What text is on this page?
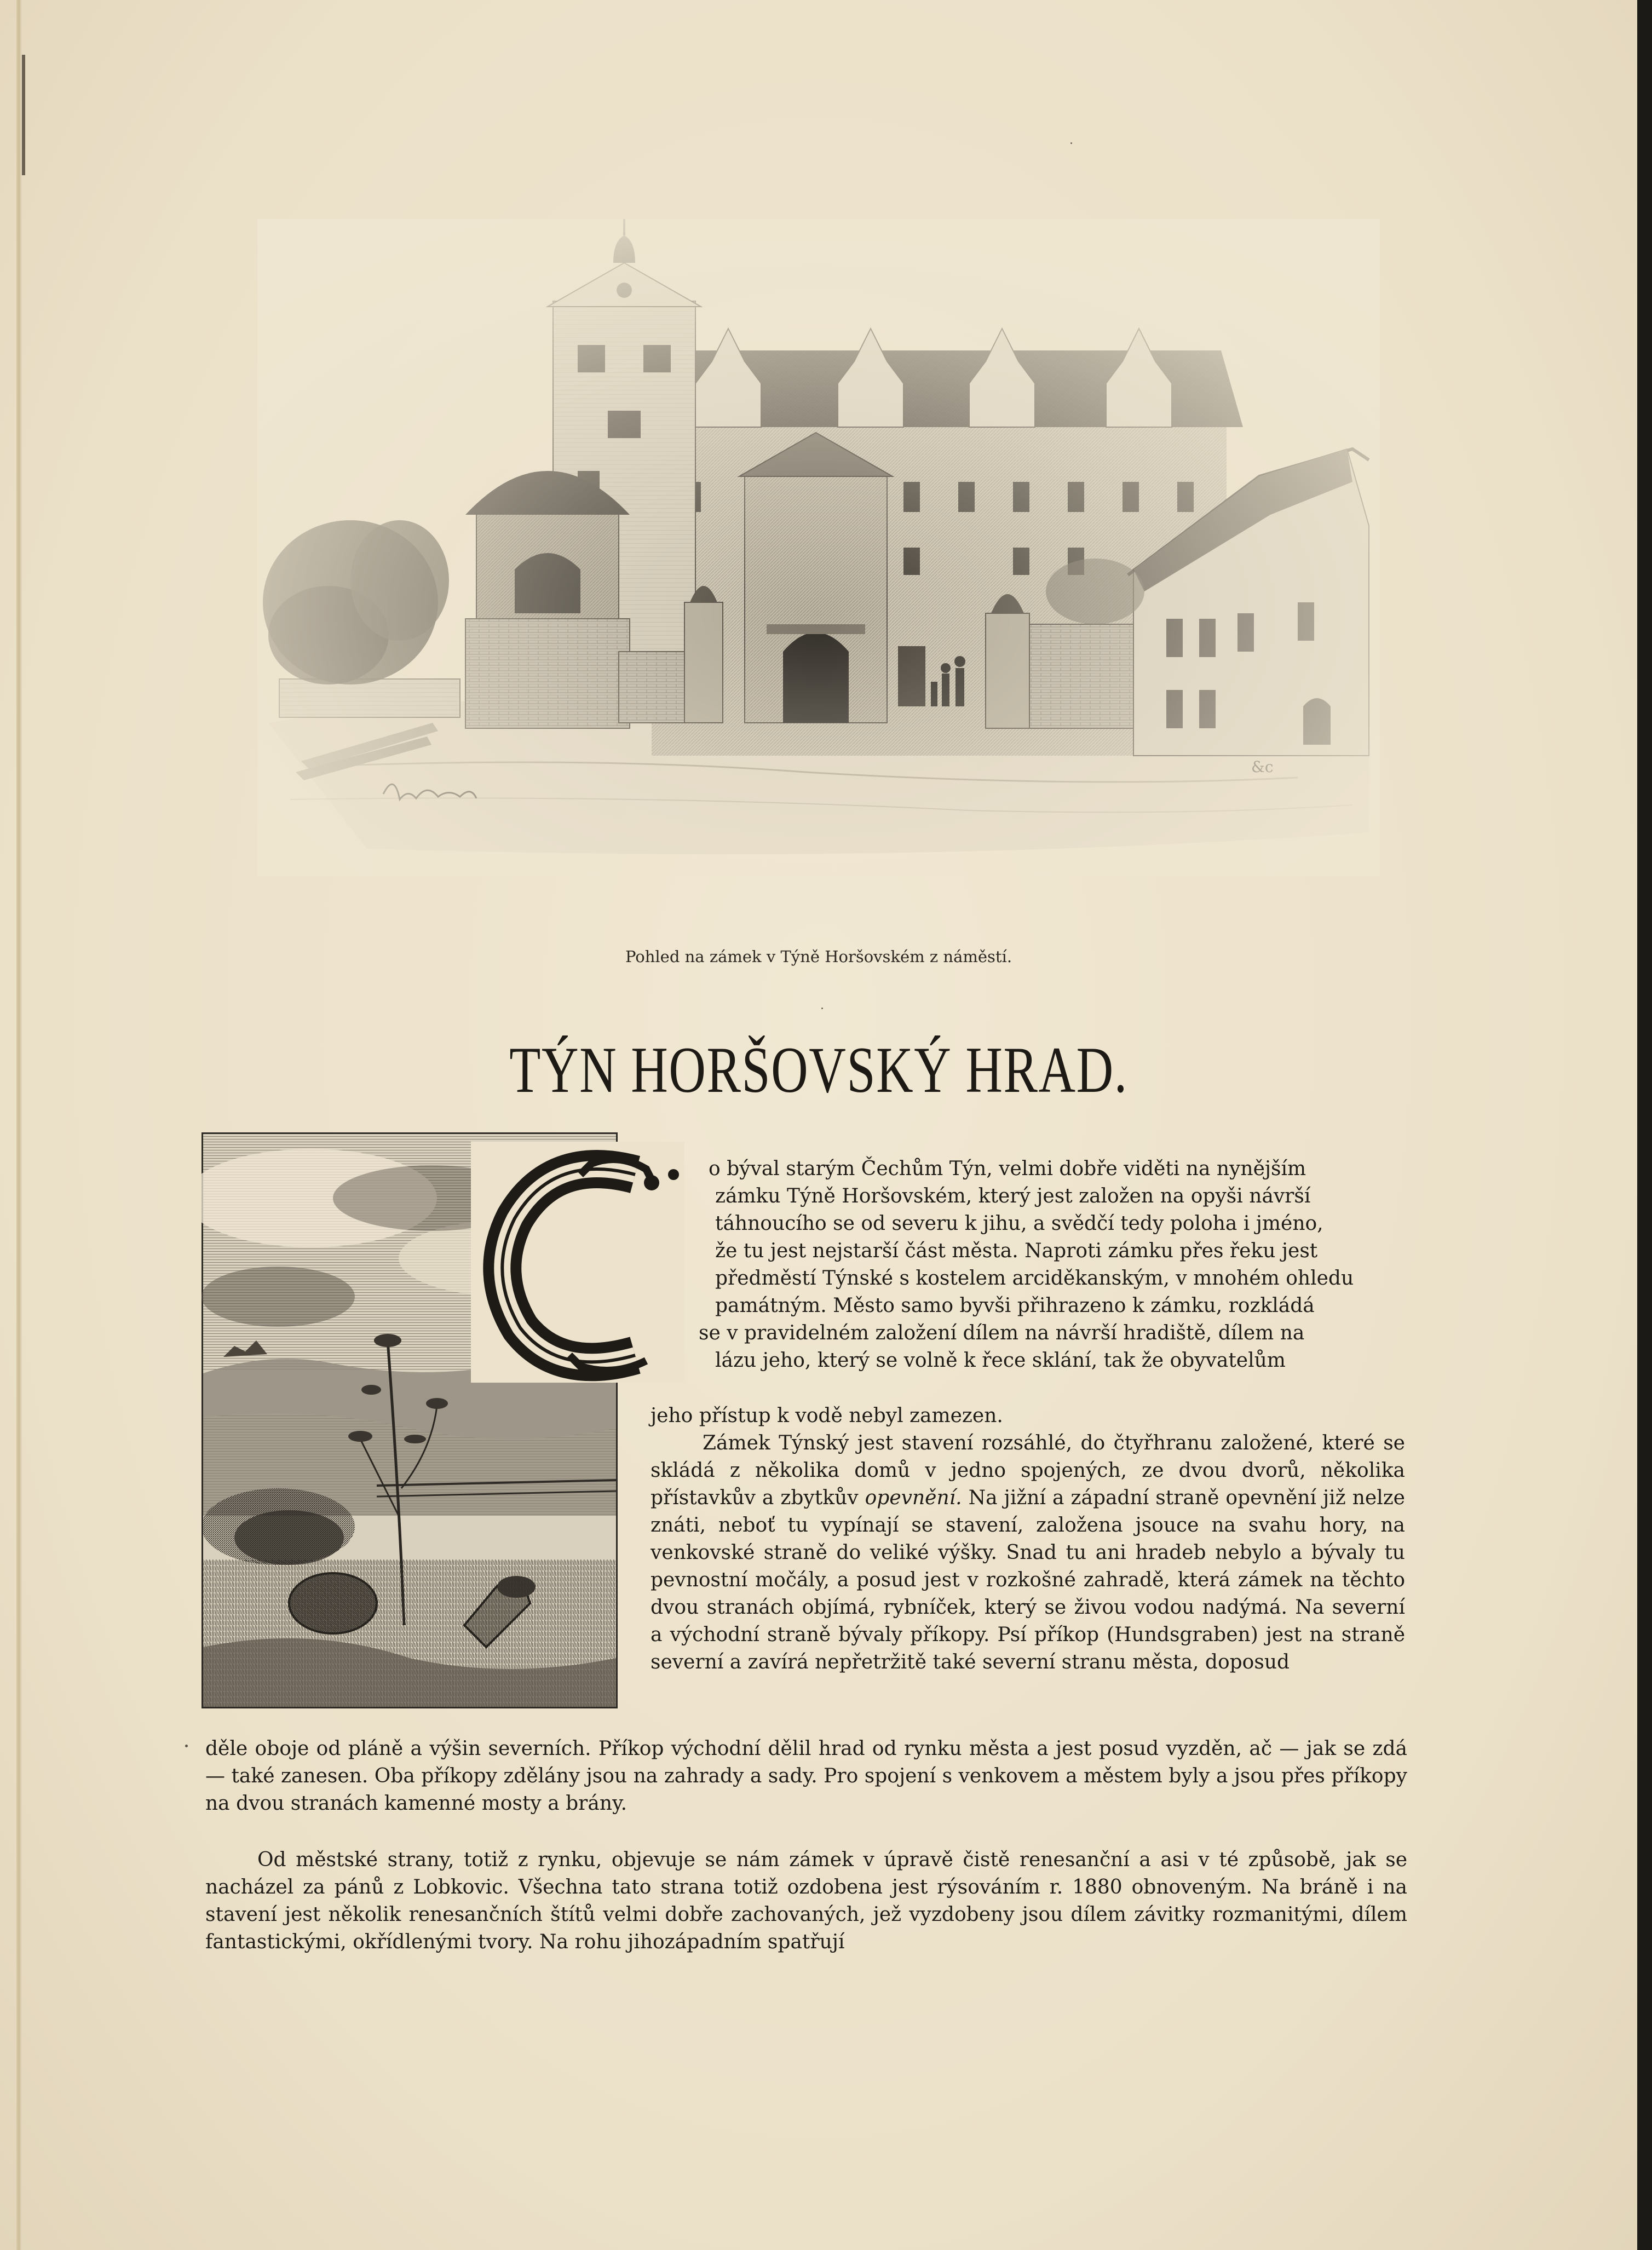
Pohled na zámek v Týně Horšovském z náměstí.
TÝN HORŠOVSKÝ HRAD.

o býval starým Čechům Týn, velmi dobře viděti na nynějším

zámku Týně Horšovském, který jest založen na opyši návrší

táhnoucího se od severu k jihu, a svědčí tedy poloha i jméno,

že tu jest nejstarší část města. Naproti zámku přes řeku jest

předměstí Týnské s kostelem arciděkanským, v mnohém ohledu

památným. Město samo byvši přihrazeno k zámku, rozkládá

se v pravidelném založení dílem na návrší hradiště, dílem na

lázu jeho, který se volně k řece sklání, tak že obyvatelům

jeho přístup k vodě nebyl zamezen.

Zámek Týnský jest stavení rozsáhlé, do čtyřhranu založené, které se skládá z několika domů v jedno spojených, ze dvou dvorů, několika přístavkův a zbytkův opevnění. Na jižní a západní straně opevnění již nelze znáti, neboť tu vypínají se stavení, založena jsouce na svahu hory, na venkovské straně do veliké výšky. Snad tu ani hradeb nebylo a bývaly tu pevnostní močály, a posud jest v rozkošné zahradě, která zámek na těchto dvou stranách objímá, rybníček, který se živou vodou nadýmá. Na severní a východní straně bývaly příkopy. Psí příkop (Hundsgraben) jest na straně severní a zavírá nepřetržitě také severní stranu města, doposud

děle oboje od pláně a výšin severních. Příkop východní dělil hrad od rynku města a jest posud vyzděn, ač — jak se zdá — také zanesen. Oba příkopy zdělány jsou na zahrady a sady. Pro spojení s venkovem a městem byly a jsou přes příkopy na dvou stranách kamenné mosty a brány.

Od městské strany, totiž z rynku, objevuje se nám zámek v úpravě čistě renesanční a asi v té způsobě, jak se nacházel za pánů z Lobkovic. Všechna tato strana totiž ozdobena jest rýsováním r. 1880 obnoveným. Na bráně i na stavení jest několik renesančních štítů velmi dobře zachovaných, jež vyzdobeny jsou dílem závitky rozmanitými, dílem fantastickými, okřídlenými tvory. Na rohu jihozápadním spatřují
